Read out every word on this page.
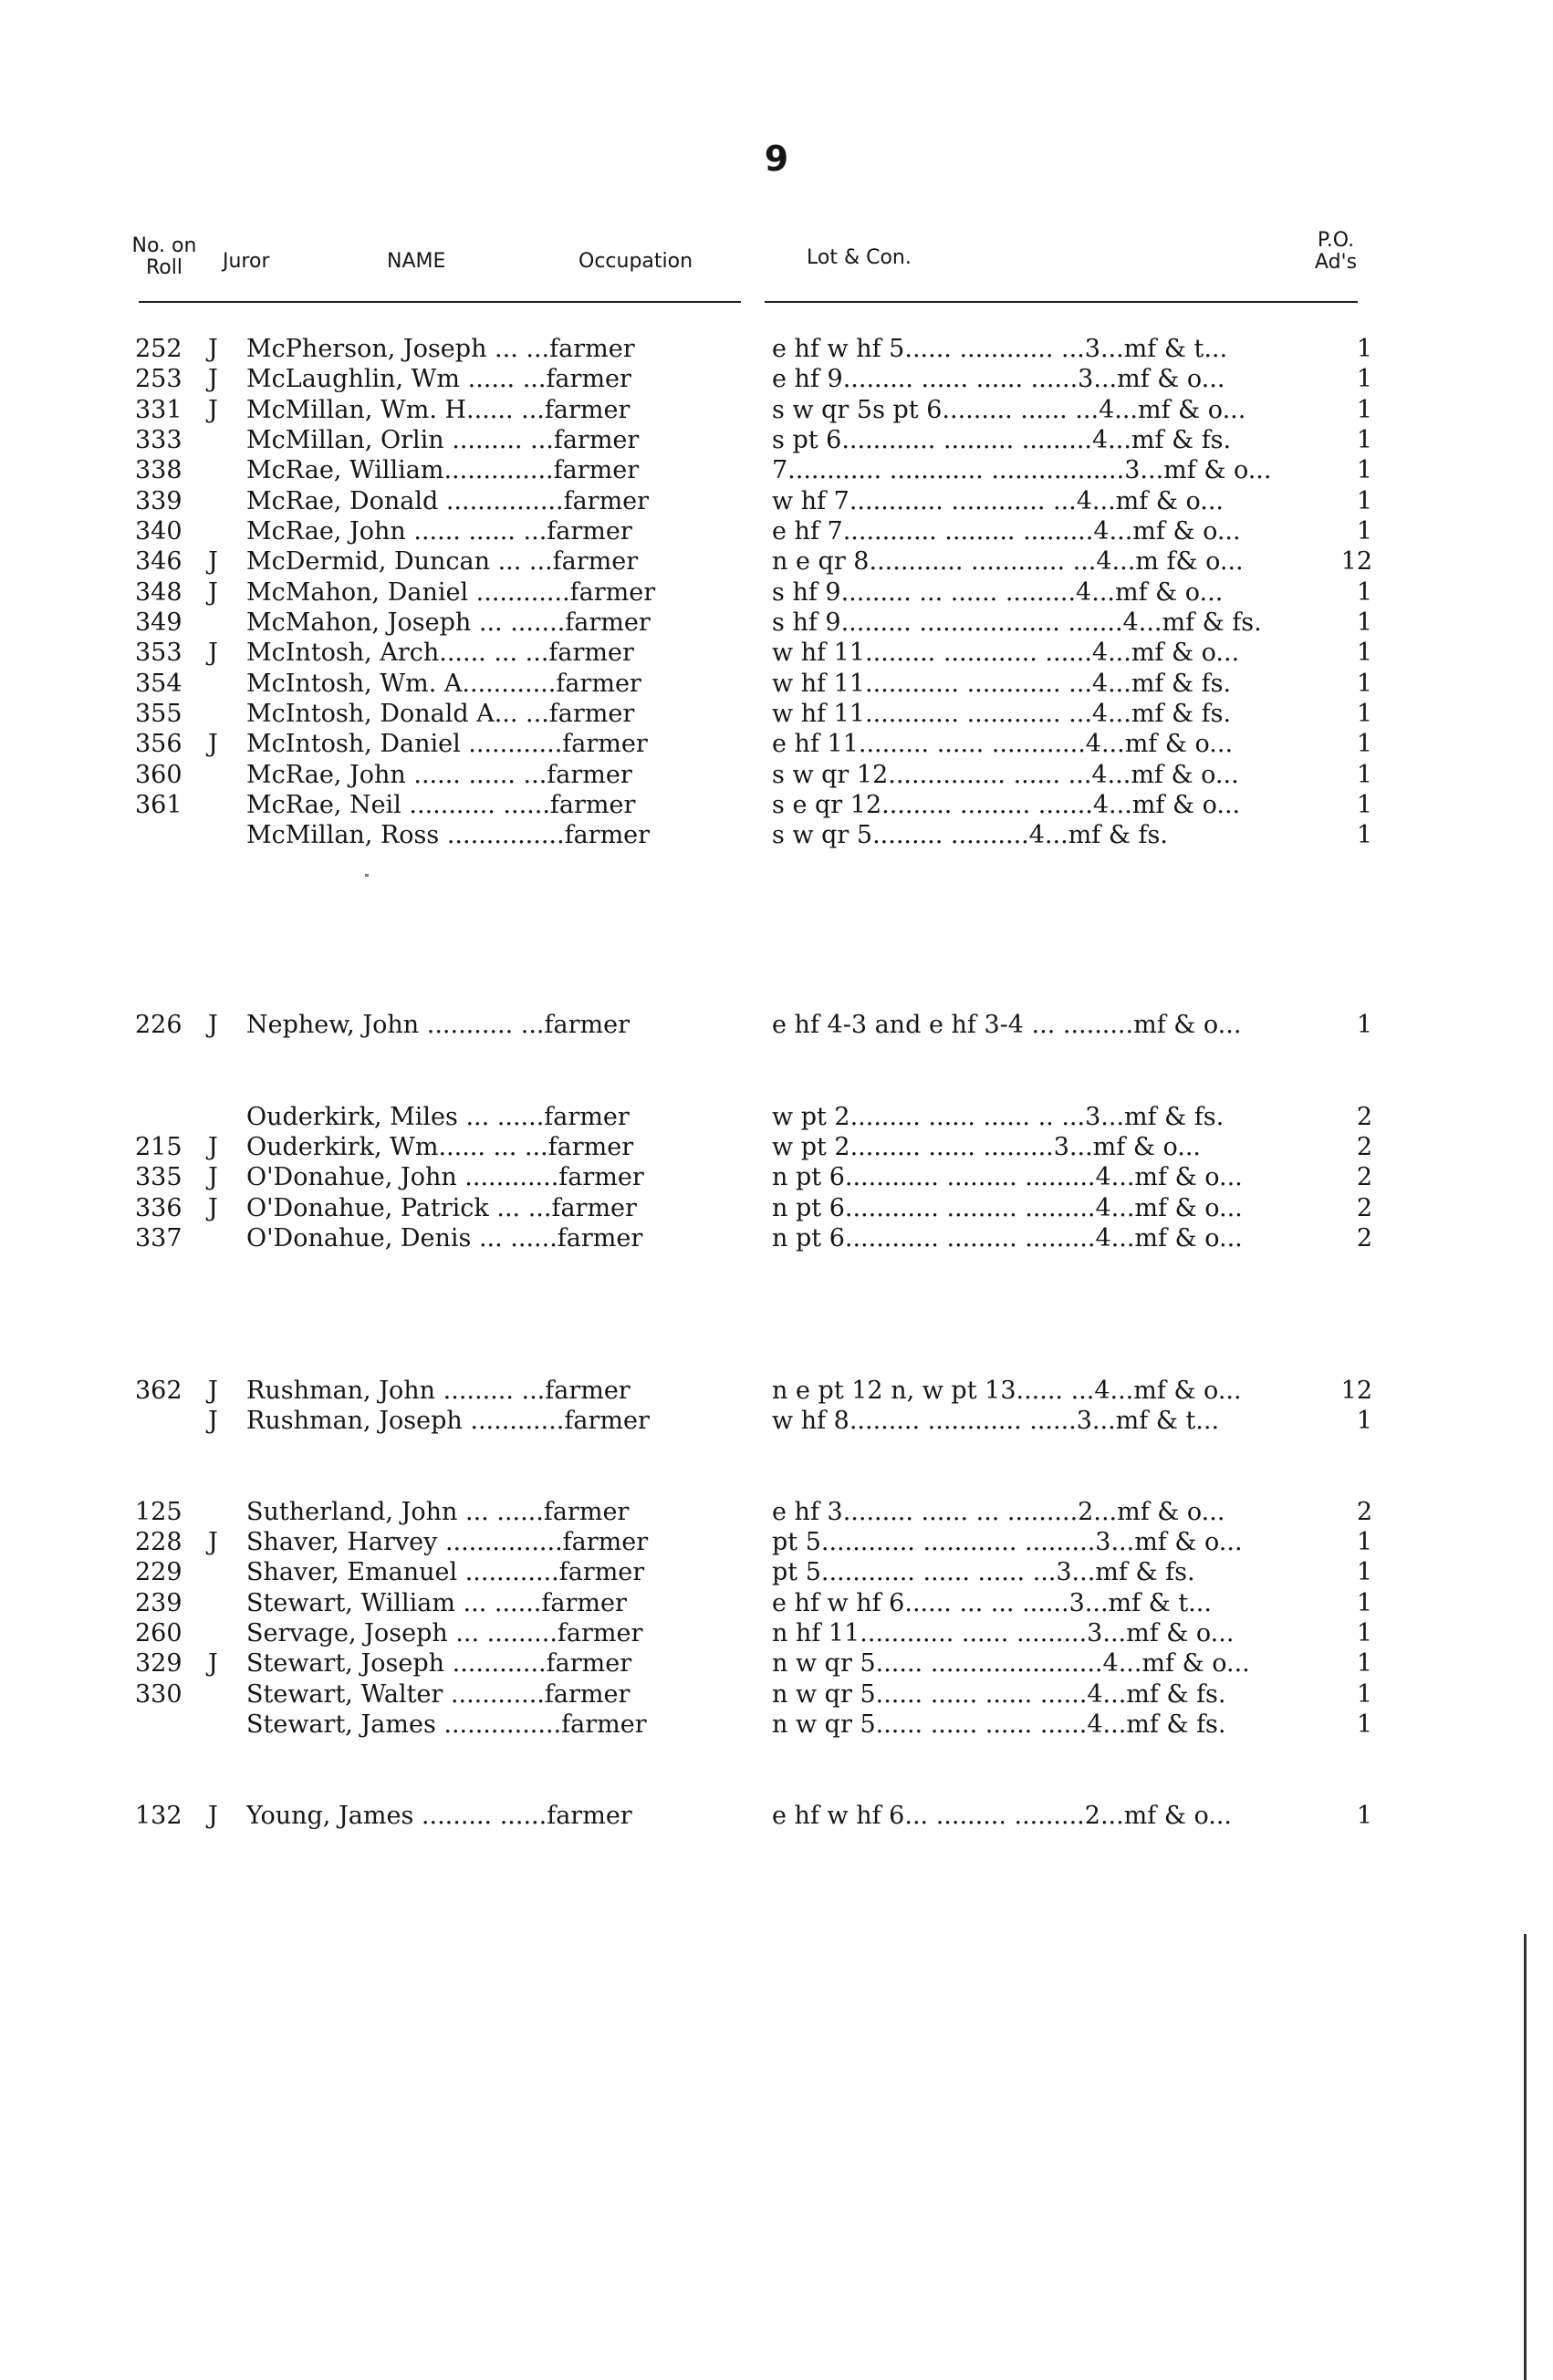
9
No. on
Roll	Juror	NAME	Occupation	Lot & Con.
P.O.
Ad's
252	J	McPherson, Joseph ... ...farmer	e hf w hf 5...... ............ ...3...mf & t...	1
253	J	McLaughlin, Wm ...... ...farmer	e hf 9......... ...... ...... ......3...mf & o...	1
331	J	McMillan, Wm. H...... ...farmer	s w qr 5s pt 6......... ...... ...4...mf & o...	1
333	McMillan, Orlin ......... ...farmer	s pt 6............ ......... .........4...mf & fs.	1
338	McRae, William..............farmer	7............ ............ .................3...mf & o...	1
339	McRae, Donald ...............farmer	w hf 7............ ............ ...4...mf & o...	1
340	McRae, John ...... ...... ...farmer	e hf 7............ ......... .........4...mf & o...	1
346	J	McDermid, Duncan ... ...farmer	n e qr 8............ ............ ...4...m f& o...	12
348	J	McMahon, Daniel ............farmer	s hf 9......... ... ...... .........4...mf & o...	1
349	McMahon, Joseph ... .......farmer	s hf 9......... .................. .......4...mf & fs.	1
353	J	McIntosh, Arch...... ... ...farmer	w hf 11......... ............ ......4...mf & o...	1
354	McIntosh, Wm. A............farmer	w hf 11............ ............ ...4...mf & fs.	1
355	McIntosh, Donald A... ...farmer	w hf 11............ ............ ...4...mf & fs.	1
356	J	McIntosh, Daniel ............farmer	e hf 11......... ...... ............4...mf & o...	1
360	McRae, John ...... ...... ...farmer	s w qr 12............... ...... ...4...mf & o...	1
361	McRae, Neil ........... ......farmer	s e qr 12......... ......... .......4...mf & o...	1
McMillan, Ross ...............farmer	s w qr 5......... ..........4...mf & fs.	1
226	J	Nephew, John ........... ...farmer	e hf 4-3 and e hf 3-4 ... .........mf & o...	1
Ouderkirk, Miles ... ......farmer	w pt 2......... ...... ...... .. ...3...mf & fs.	2
215	J	Ouderkirk, Wm...... ... ...farmer	w pt 2......... ...... .........3...mf & o...	2
335	J	O'Donahue, John ............farmer	n pt 6............ ......... .........4...mf & o...	2
336	J	O'Donahue, Patrick ... ...farmer	n pt 6............ ......... .........4...mf & o...	2
337	O'Donahue, Denis ... ......farmer	n pt 6............ ......... .........4...mf & o...	2
362	J	Rushman, John ......... ...farmer	n e pt 12 n, w pt 13...... ...4...mf & o...	12
J	Rushman, Joseph ............farmer	w hf 8......... ............ ......3...mf & t...	1
125	Sutherland, John ... ......farmer	e hf 3......... ...... ... .........2...mf & o...	2
228	J	Shaver, Harvey ...............farmer	pt 5............ ............ .........3...mf & o...	1
229	Shaver, Emanuel ............farmer	pt 5............ ...... ...... ...3...mf & fs.	1
239	Stewart, William ... ......farmer	e hf w hf 6...... ... ... ......3...mf & t...	1
260	Servage, Joseph ... .........farmer	n hf 11............ ...... .........3...mf & o...	1
329	J	Stewart, Joseph ............farmer	n w qr 5...... ......................4...mf & o...	1
330	Stewart, Walter ............farmer	n w qr 5...... ...... ...... ......4...mf & fs.	1
Stewart, James ...............farmer	n w qr 5...... ...... ...... ......4...mf & fs.	1
132	J	Young, James ......... ......farmer	e hf w hf 6... ......... .........2...mf & o...	1
